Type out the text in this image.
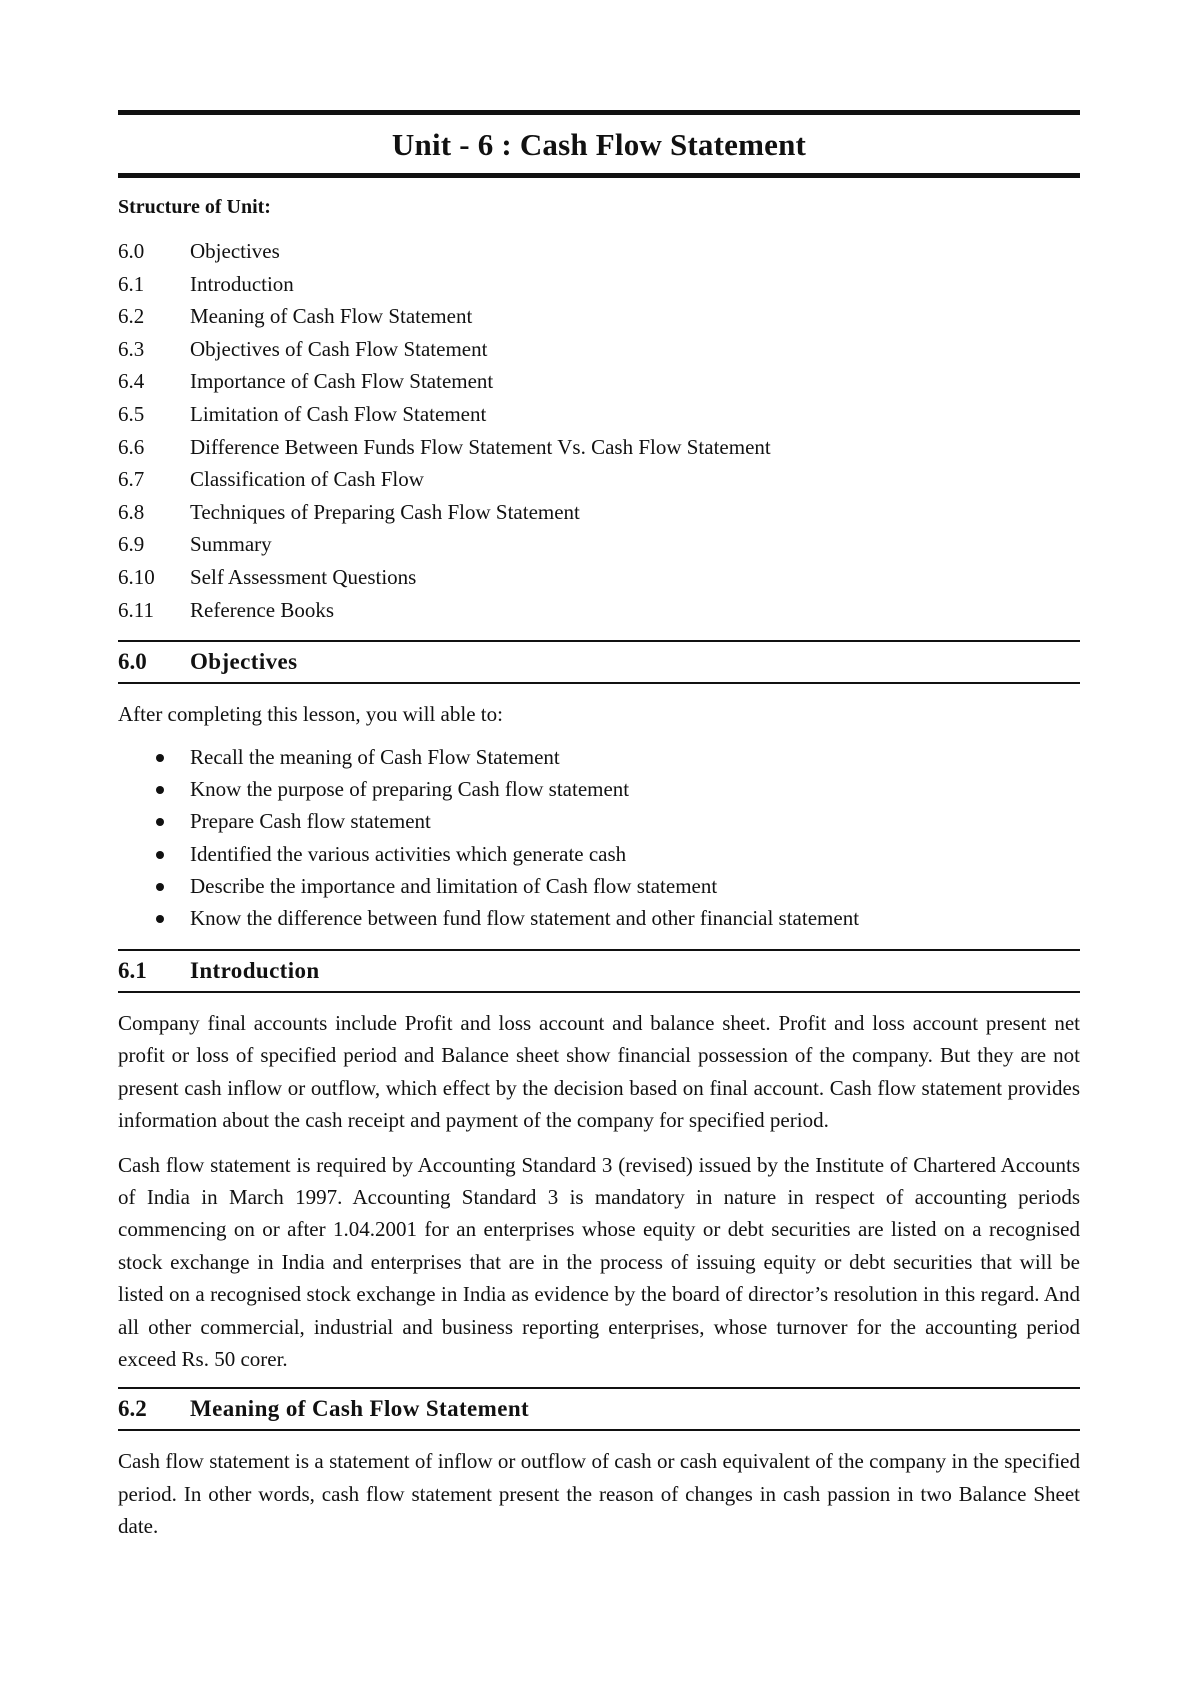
Unit - 6 : Cash Flow Statement
Structure of Unit:
6.0	Objectives
6.1	Introduction
6.2	Meaning of Cash Flow Statement
6.3	Objectives of Cash Flow Statement
6.4	Importance of Cash Flow Statement
6.5	Limitation of Cash Flow Statement
6.6	Difference Between Funds Flow Statement Vs. Cash Flow Statement
6.7	Classification of Cash Flow
6.8	Techniques of Preparing Cash Flow Statement
6.9	Summary
6.10	Self Assessment Questions
6.11	Reference Books
6.0	Objectives

After completing this lesson, you will able to:

Recall the meaning of Cash Flow Statement
Know the purpose of preparing Cash flow statement
Prepare Cash flow statement
Identified the various activities which generate cash
Describe the importance and limitation of Cash flow statement
Know the difference between fund flow statement and other financial statement
6.1	Introduction

Company final accounts include Profit and loss account and balance sheet. Profit and loss account present net profit or loss of specified period and Balance sheet show financial possession of the company. But they are not present cash inflow or outflow, which effect by the decision based on final account. Cash flow statement provides information about the cash receipt and payment of the company for specified period.

Cash flow statement is required by Accounting Standard 3 (revised) issued by the Institute of Chartered Accounts of India in March 1997. Accounting Standard 3 is mandatory in nature in respect of accounting periods commencing on or after 1.04.2001 for an enterprises whose equity or debt securities are listed on a recognised stock exchange in India and enterprises that are in the process of issuing equity or debt securities that will be listed on a recognised stock exchange in India as evidence by the board of director’s resolution in this regard. And all other commercial, industrial and business reporting enterprises, whose turnover for the accounting period exceed Rs. 50 corer.

6.2	Meaning of Cash Flow Statement

Cash flow statement is a statement of inflow or outflow of cash or cash equivalent of the company in the specified period. In other words, cash flow statement present the reason of changes in cash passion in two Balance Sheet date.
